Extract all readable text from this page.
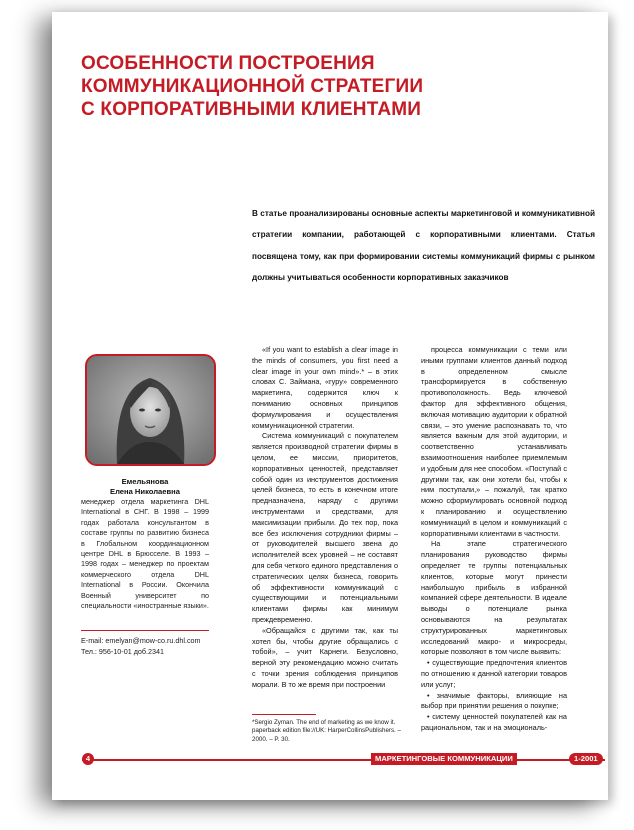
ОСОБЕННОСТИ ПОСТРОЕНИЯ
КОММУНИКАЦИОННОЙ СТРАТЕГИИ
С КОРПОРАТИВНЫМИ КЛИЕНТАМИ
В статье проанализированы основные аспекты маркетинговой и коммуникативной стратегии компании, работающей с корпоративными клиентами. Статья посвящена тому, как при формировании системы коммуникаций фирмы с рынком должны учитываться особенности корпоративных заказчиков
Емельянова
Елена Николаевна
менеджер отдела маркетинга DHL International в СНГ. В 1998 – 1999 годах работала консультантом в составе группы по развитию бизнеса в Глобальном координационном центре DHL в Брюсселе. В 1993 – 1998 годах – менеджер по проектам коммерческого отдела DHL International в России. Окончила Военный университет по специальности «иностранные языки».
E-mail: emelyan@mow-co.ru.dhl.com
Тел.: 956-10-01 доб.2341

«If you want to establish a clear image in the minds of consumers, you first need a clear image in your own mind».* – в этих словах С. Займана, «гуру» современного маркетинга, содержится ключ к пониманию основных принципов формулирования и осуществления коммуникационной стратегии.

Система коммуникаций с покупателем является производной стратегии фирмы в целом, ее миссии, приоритетов, корпоративных ценностей, представляет собой один из инструментов достижения целей бизнеса, то есть в конечном итоге предназначена, наряду с другими инструментами и средствами, для максимизации прибыли. До тех пор, пока все без исключения сотрудники фирмы – от руководителей высшего звена до исполнителей всех уровней – не составят для себя четкого единого представления о стратегических целях бизнеса, говорить об эффективности коммуникаций с существующими и потенциальными клиентами фирмы как минимум преждевременно.

«Обращайся с другими так, как ты хотел бы, чтобы другие обращались с тобой», – учит Карнеги. Безусловно, верной эту рекомендацию можно считать с точки зрения соблюдения принципов морали. В то же время при построении

процесса коммуникации с теми или иными группами клиентов данный подход в определенном смысле трансформируется в собственную противоположность. Ведь ключевой фактор для эффективного общения, включая мотивацию аудитории к обратной связи, – это умение распознавать то, что является важным для этой аудитории, и соответственно устанавливать взаимоотношения наиболее приемлемым и удобным для нее способом. «Поступай с другими так, как они хотели бы, чтобы к ним поступали,» – пожалуй, так кратко можно сформулировать основной подход к планированию и осуществлению коммуникаций в целом и коммуникаций с корпоративными клиентами в частности.

На этапе стратегического планирования руководство фирмы определяет те группы потенциальных клиентов, которые могут принести наибольшую прибыль в избранной компанией сфере деятельности. В идеале выводы о потенциале рынка основываются на результатах структурированных маркетинговых исследований макро- и микросреды, которые позволяют в том числе выявить:

• существующие предпочтения клиентов по отношению к данной категории товаров или услуг;

• значимые факторы, влияющие на выбор при принятии решения о покупке;

• систему ценностей покупателей как на рациональном, так и на эмоциональ-

*Sergio Zyman. The end of marketing as we know it. paperback edition file://UK: HarperCollinsPublishers. – 2000. – P. 30.
4	МАРКЕТИНГОВЫЕ КОММУНИКАЦИИ	1-2001
